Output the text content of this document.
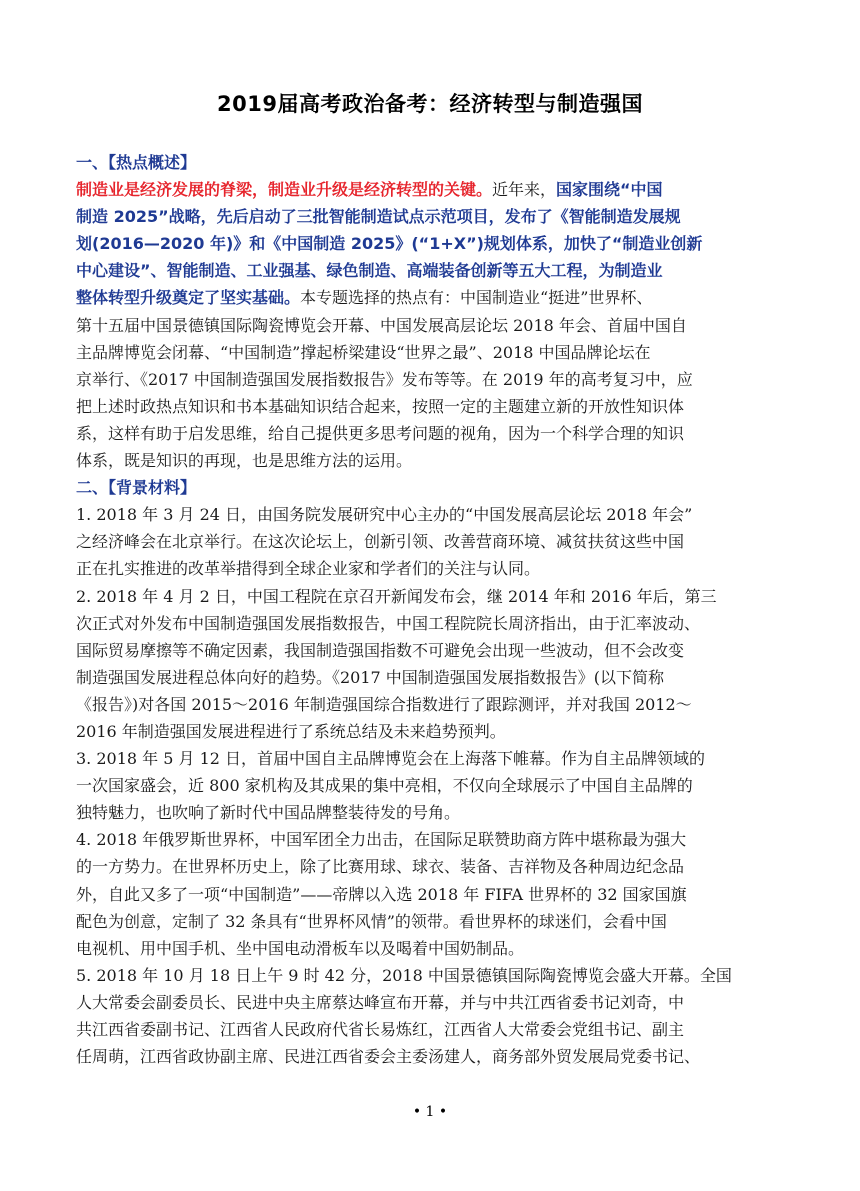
2019届高考政治备考：经济转型与制造强国
一、【热点概述】
制造业是经济发展的脊梁，制造业升级是经济转型的关键。近年来，国家围绕“中国
制造 2025”战略，先后启动了三批智能制造试点示范项目，发布了《智能制造发展规
划(2016—2020 年)》和《中国制造 2025》(“1+X”)规划体系，加快了“制造业创新
中心建设”、智能制造、工业强基、绿色制造、高端装备创新等五大工程，为制造业
整体转型升级奠定了坚实基础。本专题选择的热点有：中国制造业“挺进”世界杯、
第十五届中国景德镇国际陶瓷博览会开幕、中国发展高层论坛 2018 年会、首届中国自
主品牌博览会闭幕、“中国制造”撑起桥梁建设“世界之最”、2018 中国品牌论坛在
京举行、《2017 中国制造强国发展指数报告》发布等等。在 2019 年的高考复习中，应
把上述时政热点知识和书本基础知识结合起来，按照一定的主题建立新的开放性知识体
系，这样有助于启发思维，给自己提供更多思考问题的视角，因为一个科学合理的知识
体系，既是知识的再现，也是思维方法的运用。
二、【背景材料】
1. 2018 年 3 月 24 日，由国务院发展研究中心主办的“中国发展高层论坛 2018 年会”
之经济峰会在北京举行。在这次论坛上，创新引领、改善营商环境、减贫扶贫这些中国
正在扎实推进的改革举措得到全球企业家和学者们的关注与认同。
2. 2018 年 4 月 2 日，中国工程院在京召开新闻发布会，继 2014 年和 2016 年后，第三
次正式对外发布中国制造强国发展指数报告，中国工程院院长周济指出，由于汇率波动、
国际贸易摩擦等不确定因素，我国制造强国指数不可避免会出现一些波动，但不会改变
制造强国发展进程总体向好的趋势。《2017 中国制造强国发展指数报告》(以下简称
《报告》)对各国 2015～2016 年制造强国综合指数进行了跟踪测评，并对我国 2012～
2016 年制造强国发展进程进行了系统总结及未来趋势预判。
3. 2018 年 5 月 12 日，首届中国自主品牌博览会在上海落下帷幕。作为自主品牌领域的
一次国家盛会，近 800 家机构及其成果的集中亮相，不仅向全球展示了中国自主品牌的
独特魅力，也吹响了新时代中国品牌整装待发的号角。
4. 2018 年俄罗斯世界杯，中国军团全力出击，在国际足联赞助商方阵中堪称最为强大
的一方势力。在世界杯历史上，除了比赛用球、球衣、装备、吉祥物及各种周边纪念品
外，自此又多了一项“中国制造”——帝牌以入选 2018 年 FIFA 世界杯的 32 国家国旗
配色为创意，定制了 32 条具有“世界杯风情”的领带。看世界杯的球迷们，会看中国
电视机、用中国手机、坐中国电动滑板车以及喝着中国奶制品。
5. 2018 年 10 月 18 日上午 9 时 42 分，2018 中国景德镇国际陶瓷博览会盛大开幕。全国
人大常委会副委员长、民进中央主席蔡达峰宣布开幕，并与中共江西省委书记刘奇，中
共江西省委副书记、江西省人民政府代省长易炼红，江西省人大常委会党组书记、副主
任周萌，江西省政协副主席、民进江西省委会主委汤建人，商务部外贸发展局党委书记、
• 1 •
